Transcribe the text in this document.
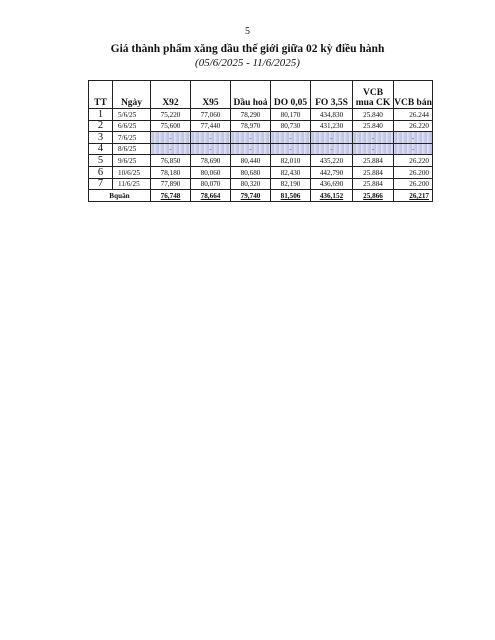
5
Giá thành phẩm xăng dầu thế giới giữa 02 kỳ điều hành
(05/6/2025 - 11/6/2025)
TT	Ngày	X92	X95	Dầu hoả	DO 0,05	FO 3,5S	VCB mua CK	VCB bán
1	5/6/25	75,220	77,060	78,290	80,170	434,830	25.840	26.244
2	6/6/25	75,600	77,440	78,970	80,730	431,230	25.840	26.220
3	7/6/25	-	-	-	-	-	-	-
4	8/6/25	-	-	-	-	-	-	-
5	9/6/25	76,850	78,690	80,440	82,010	435,220	25.884	26.220
6	10/6/25	78,180	80,060	80,680	82,430	442,790	25.884	26.200
7	11/6/25	77,890	80,070	80,320	82,190	436,690	25.884	26.200
Bquân		76,748	78,664	79,740	81,506	436,152	25,866	26,217
